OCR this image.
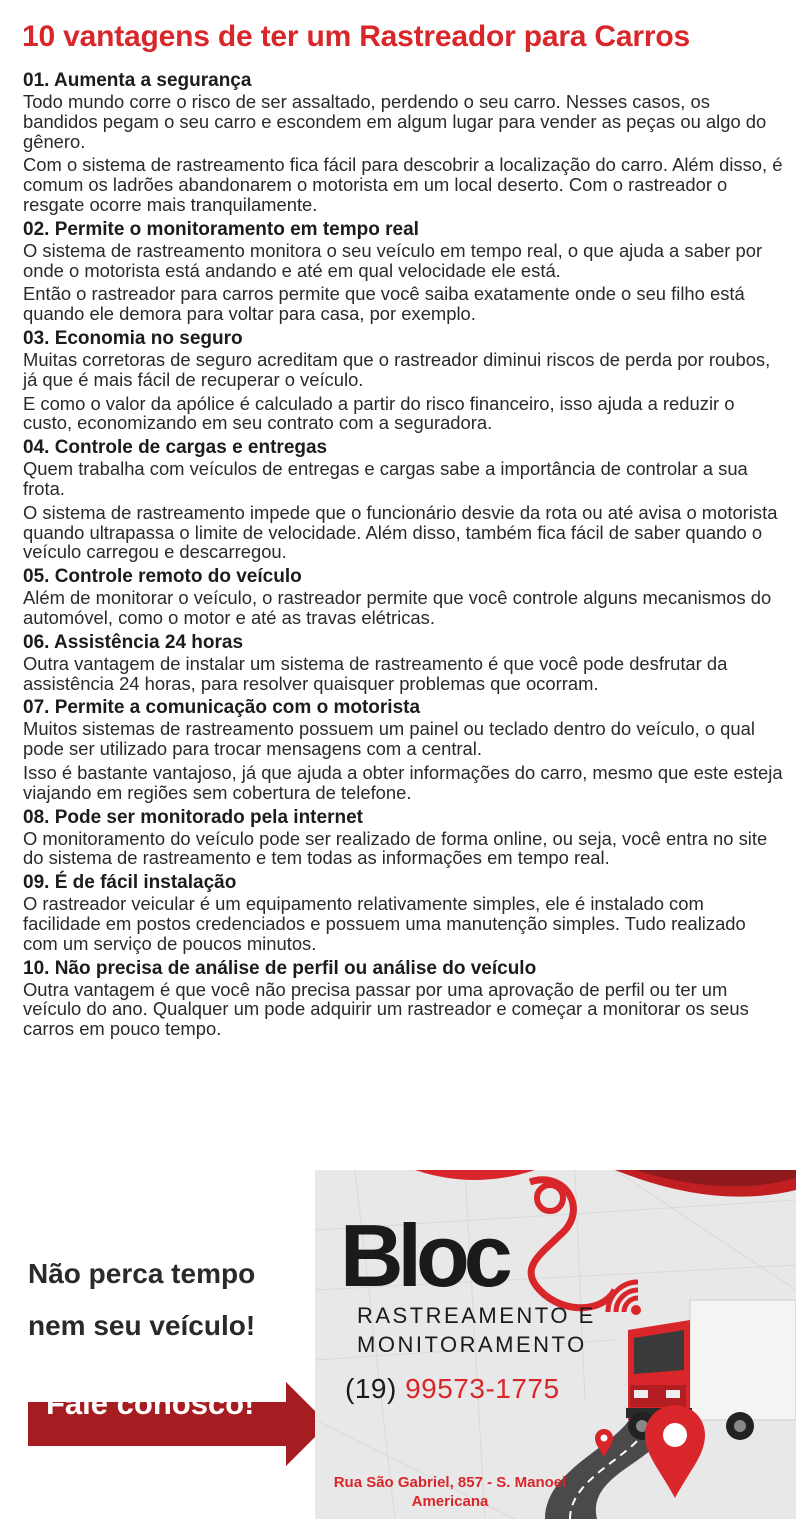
10 vantagens de ter um Rastreador para Carros
01. Aumenta a segurança

Todo mundo corre o risco de ser assaltado, perdendo o seu carro. Nesses casos, os bandidos pegam o seu carro e escondem em algum lugar para vender as peças ou algo do gênero.

Com o sistema de rastreamento fica fácil para descobrir a localização do carro. Além disso, é comum os ladrões abandonarem o motorista em um local deserto. Com o rastreador o resgate ocorre mais tranquilamente.

02. Permite o monitoramento em tempo real

O sistema de rastreamento monitora o seu veículo em tempo real, o que ajuda a saber por onde o motorista está andando e até em qual velocidade ele está.

Então o rastreador para carros permite que você saiba exatamente onde o seu filho está quando ele demora para voltar para casa, por exemplo.

03. Economia no seguro

Muitas corretoras de seguro acreditam que o rastreador diminui riscos de perda por roubos, já que é mais fácil de recuperar o veículo.

E como o valor da apólice é calculado a partir do risco financeiro, isso ajuda a reduzir o custo, economizando em seu contrato com a seguradora.

04. Controle de cargas e entregas

Quem trabalha com veículos de entregas e cargas sabe a importância de controlar a sua frota.

O sistema de rastreamento impede que o funcionário desvie da rota ou até avisa o motorista quando ultrapassa o limite de velocidade. Além disso, também fica fácil de saber quando o veículo carregou e descarregou.

05. Controle remoto do veículo

Além de monitorar o veículo, o rastreador permite que você controle alguns mecanismos do automóvel, como o motor e até as travas elétricas.

06. Assistência 24 horas

Outra vantagem de instalar um sistema de rastreamento é que você pode desfrutar da assistência 24 horas, para resolver quaisquer problemas que ocorram.

07. Permite a comunicação com o motorista

Muitos sistemas de rastreamento possuem um painel ou teclado dentro do veículo, o qual pode ser utilizado para trocar mensagens com a central.

Isso é bastante vantajoso, já que ajuda a obter informações do carro, mesmo que este esteja viajando em regiões sem cobertura de telefone.

08. Pode ser monitorado pela internet

O monitoramento do veículo pode ser realizado de forma online, ou seja, você entra no site do sistema de rastreamento e tem todas as informações em tempo real.

09. É de fácil instalação

O rastreador veicular é um equipamento relativamente simples, ele é instalado com facilidade em postos credenciados e possuem uma manutenção simples. Tudo realizado com um serviço de poucos minutos.

10. Não precisa de análise de perfil ou análise do veículo

Outra vantagem é que você não precisa passar por uma aprovação de perfil ou ter um veículo do ano. Qualquer um pode adquirir um rastreador e começar a monitorar os seus carros em pouco tempo.

Não perca tempo
nem seu veículo!
Fale conosco!
Bloc
RASTREAMENTO E
MONITORAMENTO
(19) 99573-1775
Rua São Gabriel, 857 - S. Manoel
Americana
